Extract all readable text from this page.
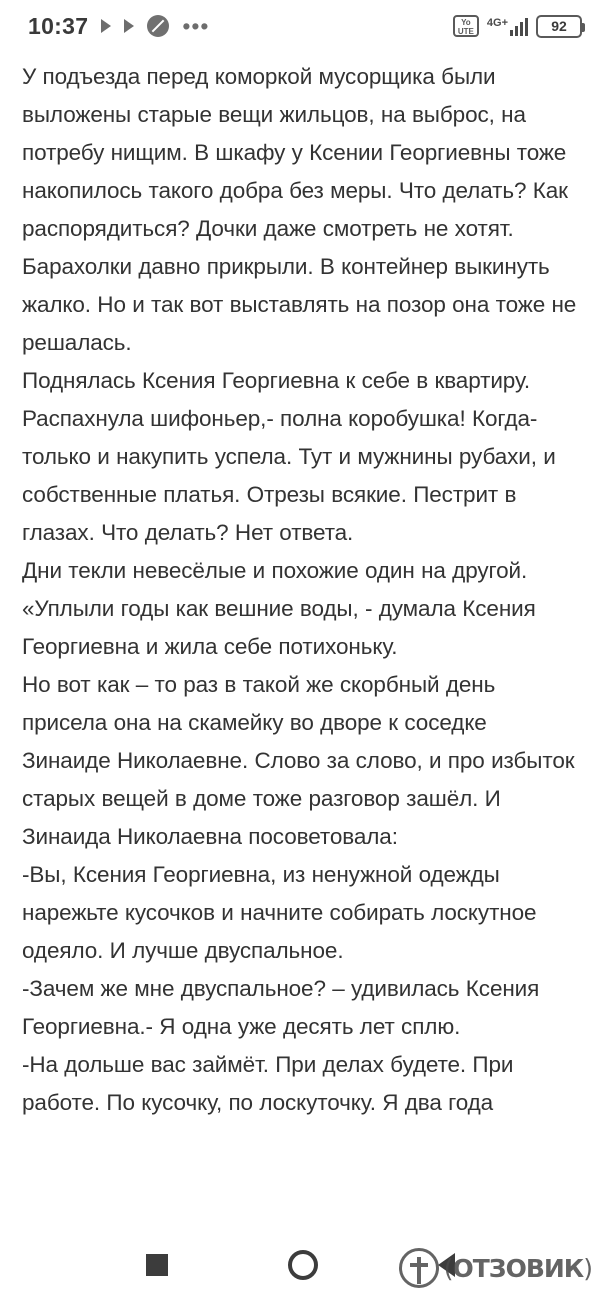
10:37	•••	Yo
UTE
4G+	92

У подъезда перед коморкой мусорщика были выложены старые вещи жильцов, на выброс, на потребу нищим. В шкафу у Ксении Георгиевны тоже накопилось такого добра без меры. Что делать? Как распорядиться? Дочки даже смотреть не хотят. Барахолки давно прикрыли. В контейнер выкинуть жалко. Но и так вот выставлять на позор она тоже не решалась.

Поднялась Ксения Георгиевна к себе в квартиру. Распахнула шифоньер,- полна коробушка! Когда-только и накупить успела. Тут и мужнины рубахи, и собственные платья. Отрезы всякие. Пестрит в глазах. Что делать? Нет ответа.

Дни текли невесёлые и похожие один на другой. «Уплыли годы как вешние воды, - думала Ксения Георгиевна и жила себе потихоньку.

Но вот как – то раз в такой же скорбный день присела она на скамейку во дворе к соседке Зинаиде Николаевне. Слово за слово, и про избыток старых вещей в доме тоже разговор зашёл. И Зинаида Николаевна посоветовала:

-Вы, Ксения Георгиевна, из ненужной одежды нарежьте кусочков и начните собирать лоскутное одеяло. И лучше двуспальное.

-Зачем же мне двуспальное? – удивилась Ксения Георгиевна.- Я одна уже десять лет сплю.

-На дольше вас займёт. При делах будете. При работе. По кусочку, по лоскуточку. Я два года

(ОТЗОВИК)
